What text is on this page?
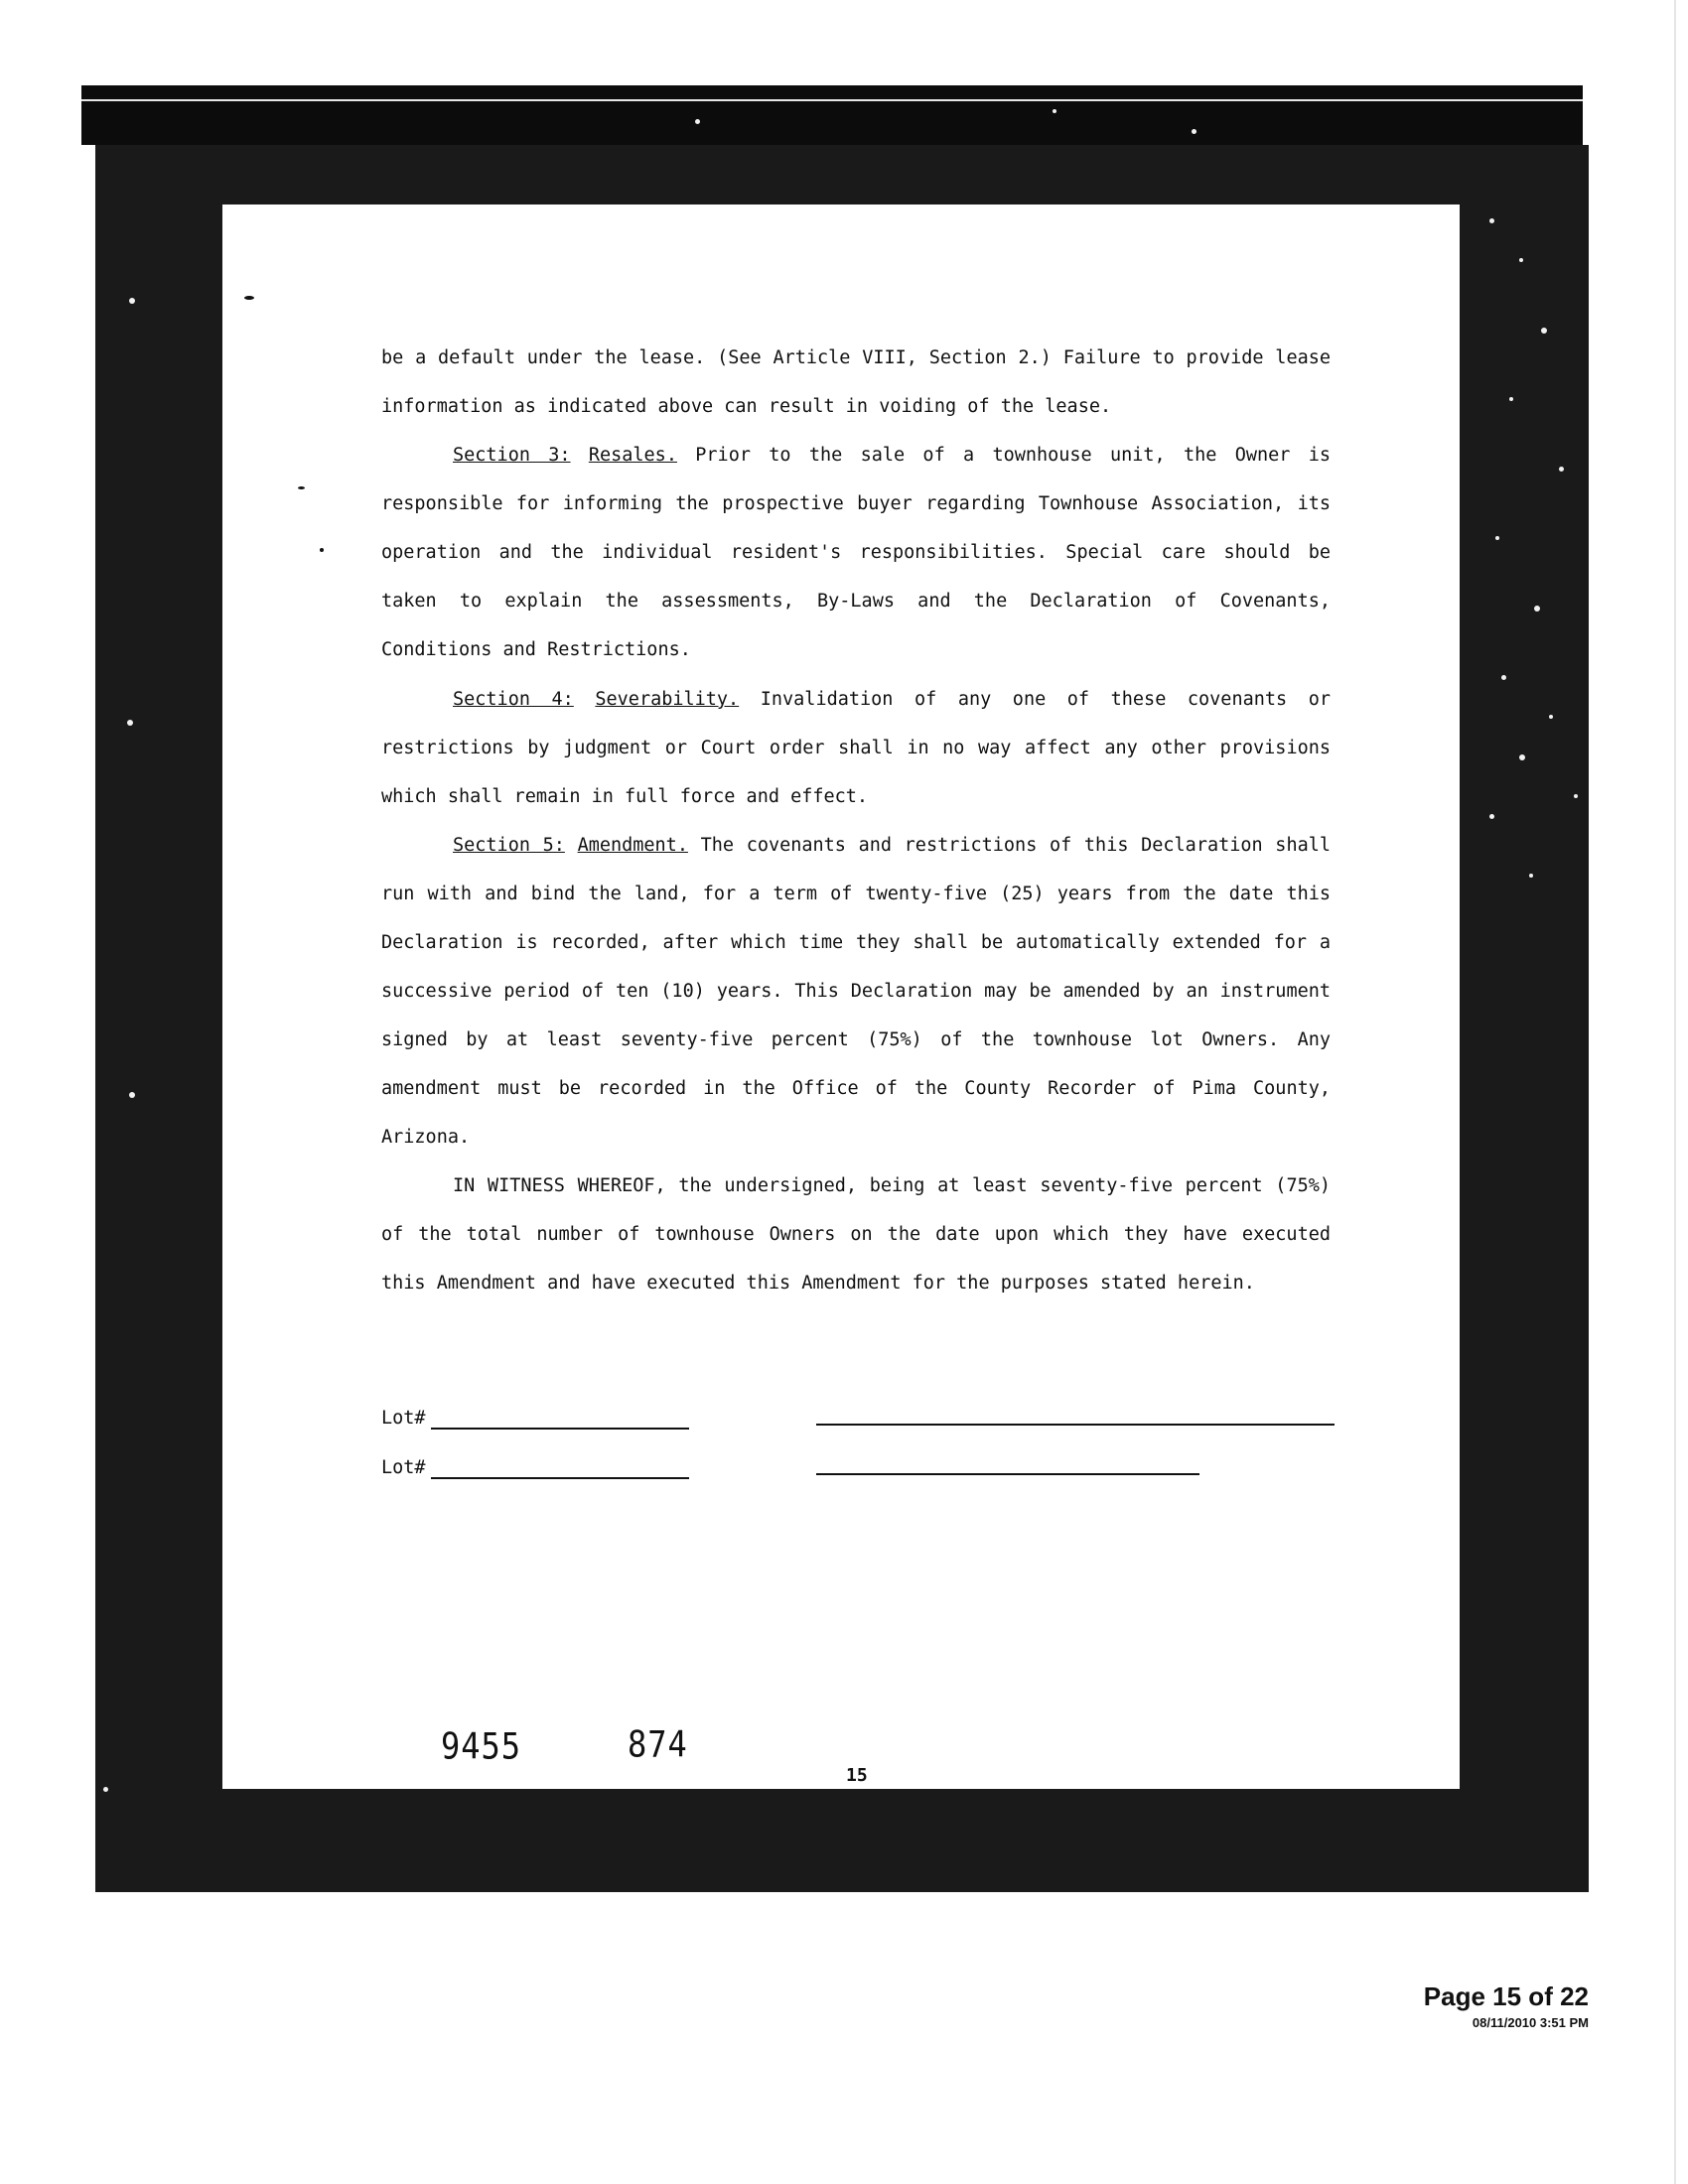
be a default under the lease. (See Article VIII, Section 2.) Failure to provide lease information as indicated above can result in voiding of the lease.

Section 3: Resales. Prior to the sale of a townhouse unit, the Owner is responsible for informing the prospective buyer regarding Townhouse Association, its operation and the individual resident's responsibilities. Special care should be taken to explain the assessments, By-Laws and the Declaration of Covenants, Conditions and Restrictions.

Section 4: Severability. Invalidation of any one of these covenants or restrictions by judgment or Court order shall in no way affect any other provisions which shall remain in full force and effect.

Section 5: Amendment. The covenants and restrictions of this Declaration shall run with and bind the land, for a term of twenty-five (25) years from the date this Declaration is recorded, after which time they shall be automatically extended for a successive period of ten (10) years. This Declaration may be amended by an instrument signed by at least seventy-five percent (75%) of the townhouse lot Owners. Any amendment must be recorded in the Office of the County Recorder of Pima County, Arizona.

IN WITNESS WHEREOF, the undersigned, being at least seventy-five percent (75%) of the total number of townhouse Owners on the date upon which they have executed this Amendment and have executed this Amendment for the purposes stated herein.

Lot#
Lot#
9455	874
15
Page 15 of 22
08/11/2010 3:51 PM
